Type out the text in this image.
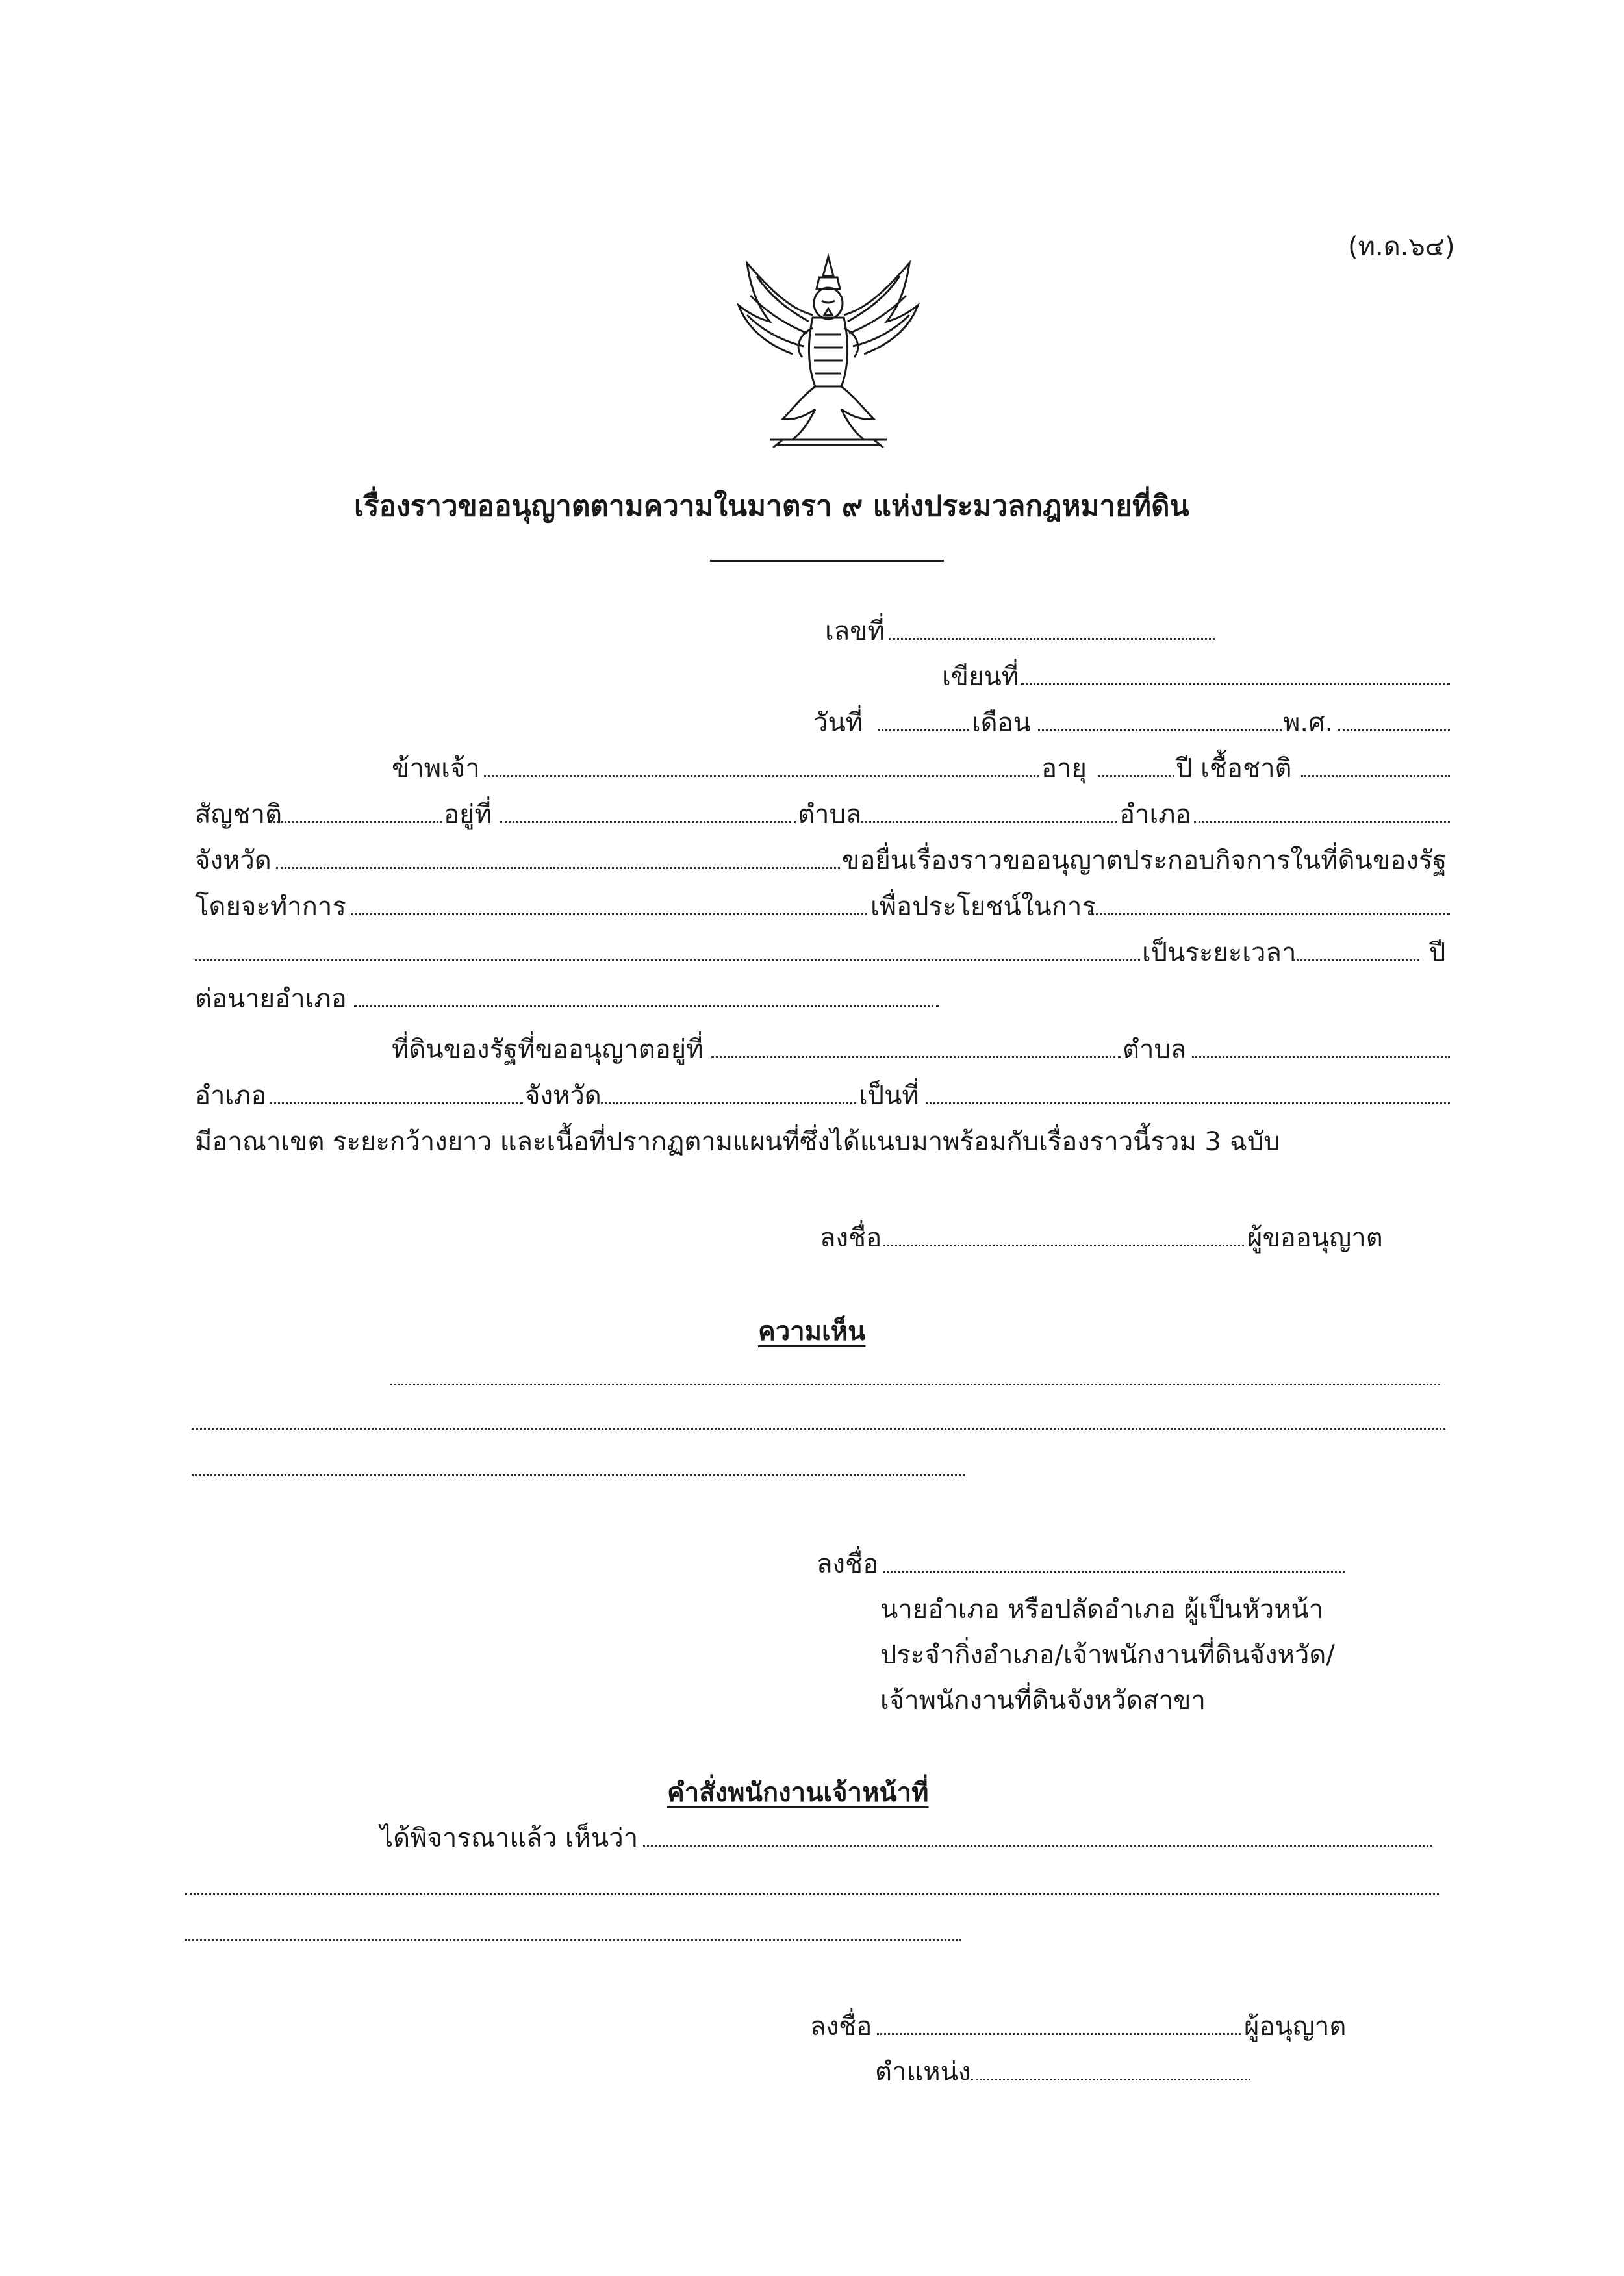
(ท.ด.๖๔)
เรื่องราวขออนุญาตตามความในมาตรา ๙ แห่งประมวลกฎหมายที่ดิน
เลขที่
เขียนที่
วันที่	เดือน	พ.ศ.
ข้าพเจ้า	อายุ	ปี เชื้อชาติ
สัญชาติ	อยู่ที่	ตำบล	อำเภอ
จังหวัด	ขอยื่นเรื่องราวขออนุญาตประกอบกิจการในที่ดินของรัฐ
โดยจะทำการ	เพื่อประโยชน์ในการ
เป็นระยะเวลา	ปี
ต่อนายอำเภอ
ที่ดินของรัฐที่ขออนุญาตอยู่ที่	ตำบล
อำเภอ	จังหวัด	เป็นที่
มีอาณาเขต ระยะกว้างยาว และเนื้อที่ปรากฏตามแผนที่ซึ่งได้แนบมาพร้อมกับเรื่องราวนี้รวม 3 ฉบับ
ลงชื่อ	ผู้ขออนุญาต
ความเห็น
ลงชื่อ
นายอำเภอ หรือปลัดอำเภอ ผู้เป็นหัวหน้า
ประจำกิ่งอำเภอ/เจ้าพนักงานที่ดินจังหวัด/
เจ้าพนักงานที่ดินจังหวัดสาขา
คำสั่งพนักงานเจ้าหน้าที่
ได้พิจารณาแล้ว เห็นว่า
ลงชื่อ	ผู้อนุญาต
ตำแหน่ง
